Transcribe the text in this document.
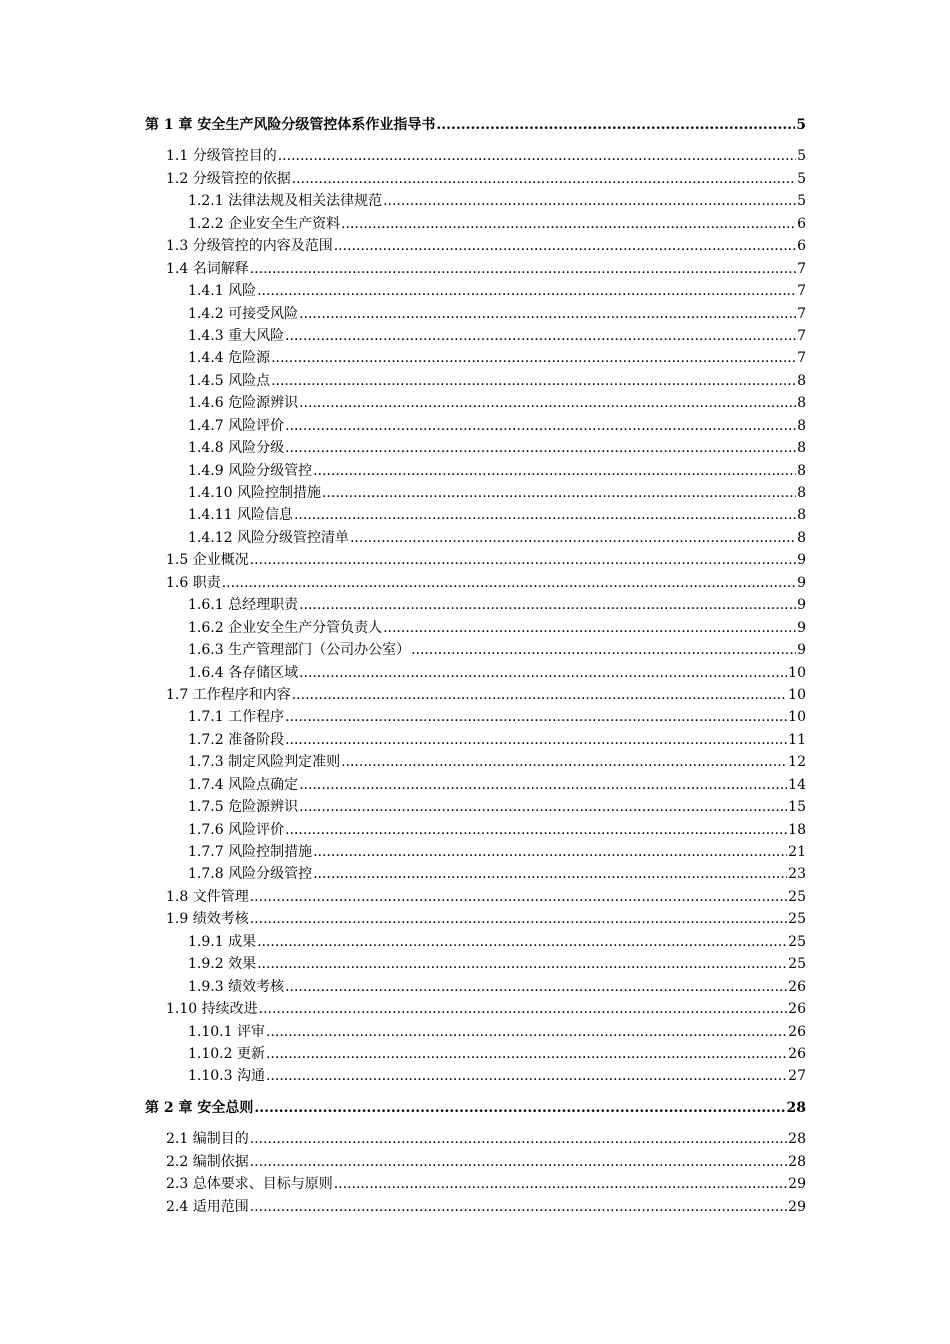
第 1 章 安全生产风险分级管控体系作业指导书 .....	5
1.1 分级管控目的 .....	5
1.2 分级管控的依据 .....	5
1.2.1 法律法规及相关法律规范 .....	5
1.2.2 企业安全生产资料 .....	6
1.3 分级管控的内容及范围 .....	6
1.4 名词解释 .....	7
1.4.1 风险 .....	7
1.4.2 可接受风险 .....	7
1.4.3 重大风险 .....	7
1.4.4 危险源 .....	7
1.4.5 风险点 .....	8
1.4.6 危险源辨识 .....	8
1.4.7 风险评价 .....	8
1.4.8 风险分级 .....	8
1.4.9 风险分级管控 .....	8
1.4.10 风险控制措施 .....	8
1.4.11 风险信息 .....	8
1.4.12 风险分级管控清单 .....	8
1.5 企业概况 .....	9
1.6 职责 .....	9
1.6.1 总经理职责 .....	9
1.6.2 企业安全生产分管负责人 .....	9
1.6.3 生产管理部门（公司办公室） .....	9
1.6.4 各存储区域 .....	10
1.7 工作程序和内容 .....	10
1.7.1 工作程序 .....	10
1.7.2 准备阶段 .....	11
1.7.3 制定风险判定准则 .....	12
1.7.4 风险点确定 .....	14
1.7.5 危险源辨识 .....	15
1.7.6 风险评价 .....	18
1.7.7 风险控制措施 .....	21
1.7.8 风险分级管控 .....	23
1.8 文件管理 .....	25
1.9 绩效考核 .....	25
1.9.1 成果 .....	25
1.9.2 效果 .....	25
1.9.3 绩效考核 .....	26
1.10 持续改进 .....	26
1.10.1 评审 .....	26
1.10.2 更新 .....	26
1.10.3 沟通 .....	27
第 2 章 安全总则 .....	28
2.1 编制目的 .....	28
2.2 编制依据 .....	28
2.3 总体要求、目标与原则 .....	29
2.4 适用范围 .....	29
